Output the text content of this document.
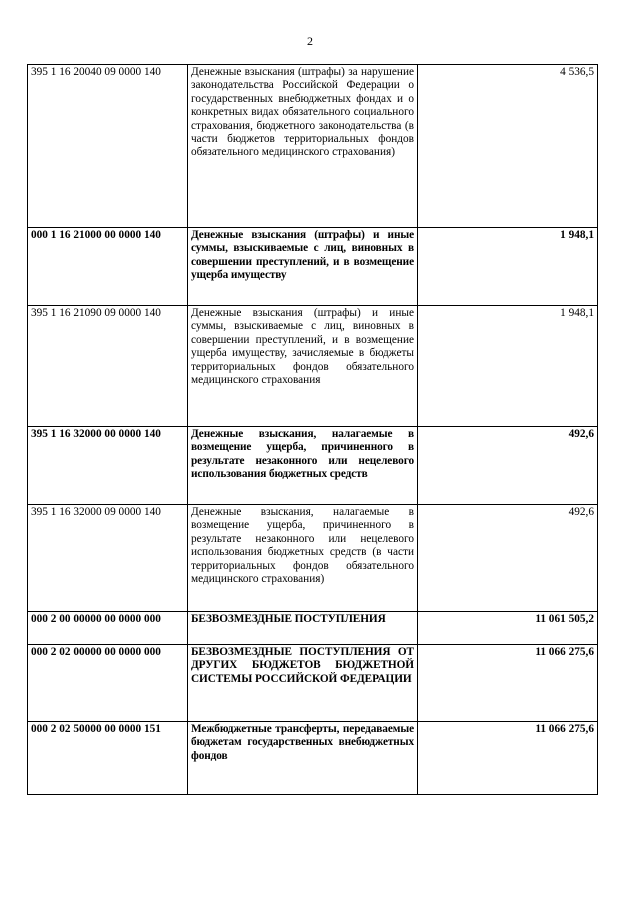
2
395 1 16 20040 09 0000 140	Денежные взыскания (штрафы) за нарушение законодательства Российской Федерации о государственных внебюджетных фондах и о конкретных видах обязательного социального страхования, бюджетного законодательства (в части бюджетов территориальных фондов обязательного медицинского страхования)	4 536,5
000 1 16 21000 00 0000 140	Денежные взыскания (штрафы) и иные суммы, взыскиваемые с лиц, виновных в совершении преступлений, и в возмещение ущерба имуществу	1 948,1
395 1 16 21090 09 0000 140	Денежные взыскания (штрафы) и иные суммы, взыскиваемые с лиц, виновных в совершении преступлений, и в возмещение ущерба имуществу, зачисляемые в бюджеты территориальных фондов обязательного медицинского страхования	1 948,1
395 1 16 32000 00 0000 140	Денежные взыскания, налагаемые в возмещение ущерба, причиненного в результате незаконного или нецелевого использования бюджетных средств	492,6
395 1 16 32000 09 0000 140	Денежные взыскания, налагаемые в возмещение ущерба, причиненного в результате незаконного или нецелевого использования бюджетных средств (в части территориальных фондов обязательного медицинского страхования)	492,6
000 2 00 00000 00 0000 000	БЕЗВОЗМЕЗДНЫЕ ПОСТУПЛЕНИЯ	11 061 505,2
000 2 02 00000 00 0000 000	БЕЗВОЗМЕЗДНЫЕ ПОСТУПЛЕНИЯ ОТ ДРУГИХ БЮДЖЕТОВ БЮДЖЕТНОЙ СИСТЕМЫ РОССИЙСКОЙ ФЕДЕРАЦИИ	11 066 275,6
000 2 02 50000 00 0000 151	Межбюджетные трансферты, передаваемые бюджетам государственных внебюджетных фондов	11 066 275,6
